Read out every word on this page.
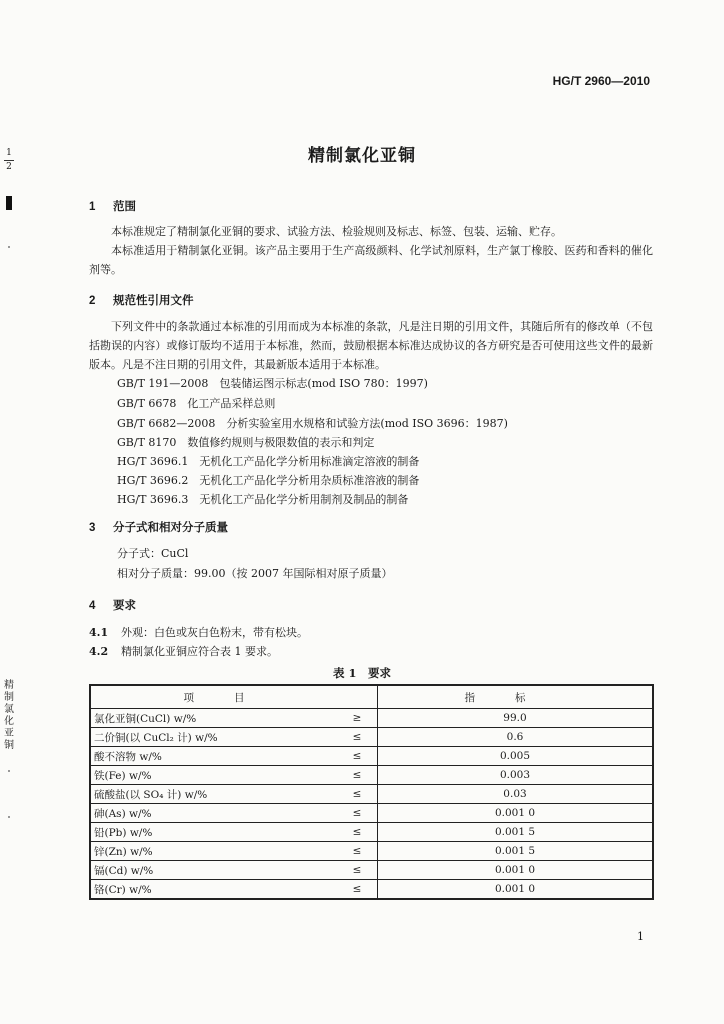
HG/T 2960—2010
1
2
精
制
氯
化
亚
铜
精制氯化亚铜
1 范围
本标准规定了精制氯化亚铜的要求、试验方法、检验规则及标志、标签、包装、运输、贮存。
本标准适用于精制氯化亚铜。该产品主要用于生产高级颜料、化学试剂原料，生产氯丁橡胶、医药和香料的催化剂等。
2 规范性引用文件
下列文件中的条款通过本标准的引用而成为本标准的条款，凡是注日期的引用文件，其随后所有的修改单（不包括勘误的内容）或修订版均不适用于本标准，然而，鼓励根据本标准达成协议的各方研究是否可使用这些文件的最新版本。凡是不注日期的引用文件，其最新版本适用于本标准。
GB/T 191—2008　包装储运图示标志(mod ISO 780：1997)
GB/T 6678　化工产品采样总则
GB/T 6682—2008　分析实验室用水规格和试验方法(mod ISO 3696：1987)
GB/T 8170　数值修约规则与极限数值的表示和判定
HG/T 3696.1　无机化工产品化学分析用标准滴定溶液的制备
HG/T 3696.2　无机化工产品化学分析用杂质标准溶液的制备
HG/T 3696.3　无机化工产品化学分析用制剂及制品的制备
3 分子式和相对分子质量
分子式：CuCl
相对分子质量：99.00（按 2007 年国际相对原子质量）
4 要求
4.1 外观：白色或灰白色粉末，带有松块。
4.2 精制氯化亚铜应符合表 1 要求。
表 1　要求
项目		指标
氯化亚铜(CuCl) w/%	≥	99.0
二价铜(以 CuCl₂ 计) w/%	≤	0.6
酸不溶物 w/%	≤	0.005
铁(Fe) w/%	≤	0.003
硫酸盐(以 SO₄ 计) w/%	≤	0.03
砷(As) w/%	≤	0.001 0
铅(Pb) w/%	≤	0.001 5
锌(Zn) w/%	≤	0.001 5
镉(Cd) w/%	≤	0.001 0
铬(Cr) w/%	≤	0.001 0
1
